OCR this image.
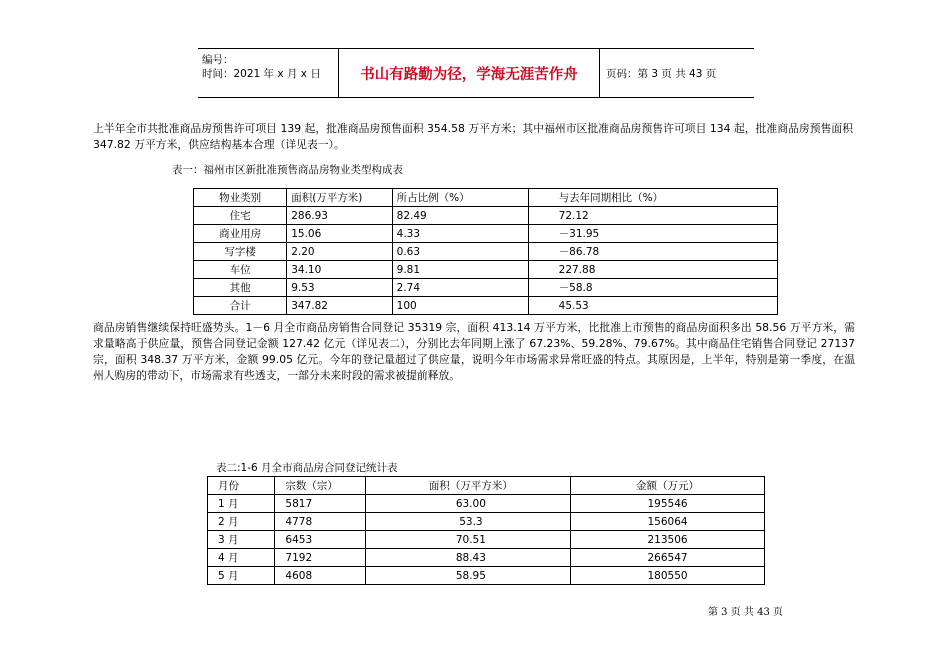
编号：
时间：2021 年 x 月 x 日	书山有路勤为径，学海无涯苦作舟	页码：第 3 页 共 43 页
上半年全市共批准商品房预售许可项目 139 起，批准商品房预售面积 354.58 万平方米；其中福州市区批准商品房预售许可项目 134 起，批准商品房预售面积 347.82 万平方米，供应结构基本合理（详见表一）。
表一：福州市区新批准预售商品房物业类型构成表
物业类别	面积(万平方米)	所占比例（%）	与去年同期相比（%）
住宅	286.93	82.49	72.12
商业用房	15.06	4.33	－31.95
写字楼	2.20	0.63	－86.78
车位	34.10	9.81	227.88
其他	9.53	2.74	－58.8
合计	347.82	100	45.53
商品房销售继续保持旺盛势头。1－6 月全市商品房销售合同登记 35319 宗，面积 413.14 万平方米，比批准上市预售的商品房面积多出 58.56 万平方米，需求量略高于供应量，预售合同登记金额 127.42 亿元（详见表二），分别比去年同期上涨了 67.23%、59.28%、79.67%。其中商品住宅销售合同登记 27137 宗，面积 348.37 万平方米，金额 99.05 亿元。今年的登记量超过了供应量，说明今年市场需求异常旺盛的特点。其原因是，上半年，特别是第一季度，在温州人购房的带动下，市场需求有些透支，一部分未来时段的需求被提前释放。
表二:1-6 月全市商品房合同登记统计表
月份	宗数（宗）	面积（万平方米）	金额（万元）
1 月	5817	63.00	195546
2 月	4778	53.3	156064
3 月	6453	70.51	213506
4 月	7192	88.43	266547
5 月	4608	58.95	180550
第 3 页 共 43 页
